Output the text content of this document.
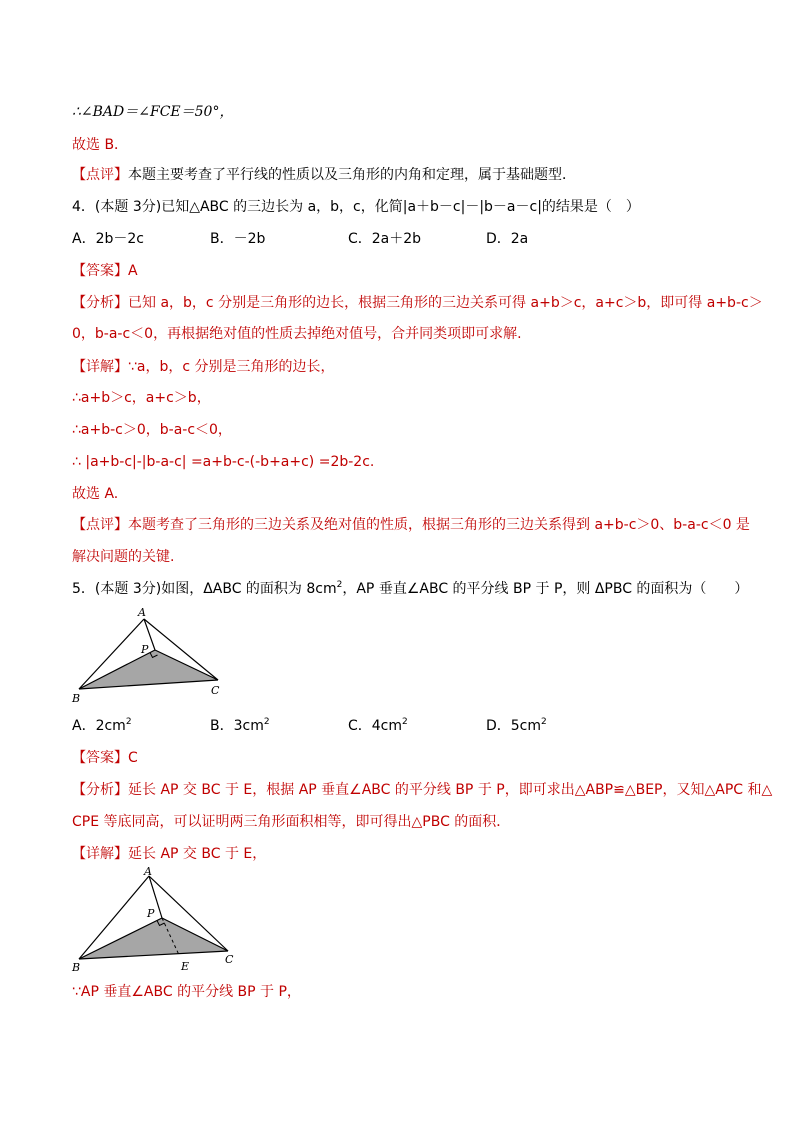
∴∠BAD＝∠FCE＝50°，
故选 B．
【点评】本题主要考查了平行线的性质以及三角形的内角和定理，属于基础题型．
4．(本题 3分)已知△ABC 的三边长为 a，b，c，化简|a＋b－c|－|b－a－c|的结果是（　）
A．2b－2c	B．－2b	C．2a＋2b	D．2a
【答案】A
【分析】已知 a，b，c 分别是三角形的边长，根据三角形的三边关系可得 a+b＞c，a+c＞b，即可得 a+b-c＞
0，b-a-c＜0，再根据绝对值的性质去掉绝对值号，合并同类项即可求解.
【详解】∵a，b，c 分别是三角形的边长，
∴a+b＞c，a+c＞b，
∴a+b-c＞0，b-a-c＜0，
∴ |a+b-c|-|b-a-c| =a+b-c-(-b+a+c) =2b-2c.
故选 A.
【点评】本题考查了三角形的三边关系及绝对值的性质，根据三角形的三边关系得到 a+b-c＞0、b-a-c＜0 是
解决问题的关键.
5．(本题 3分)如图，ΔABC 的面积为 $8cm^2$，AP 垂直∠ABC 的平分线 BP 于 P，则 ΔPBC 的面积为（　　）
A
P
B
C
A．$2cm^2$	B．$3cm^2$	C．$4cm^2$	D．$5cm^2$
【答案】C
【分析】延长 AP 交 BC 于 E，根据 AP 垂直∠ABC 的平分线 BP 于 P，即可求出△ABP≌△BEP，又知△APC 和△
CPE 等底同高，可以证明两三角形面积相等，即可得出△PBC 的面积．
【详解】延长 AP 交 BC 于 E，
A
P
B	E
C
∵AP 垂直∠ABC 的平分线 BP 于 P，
